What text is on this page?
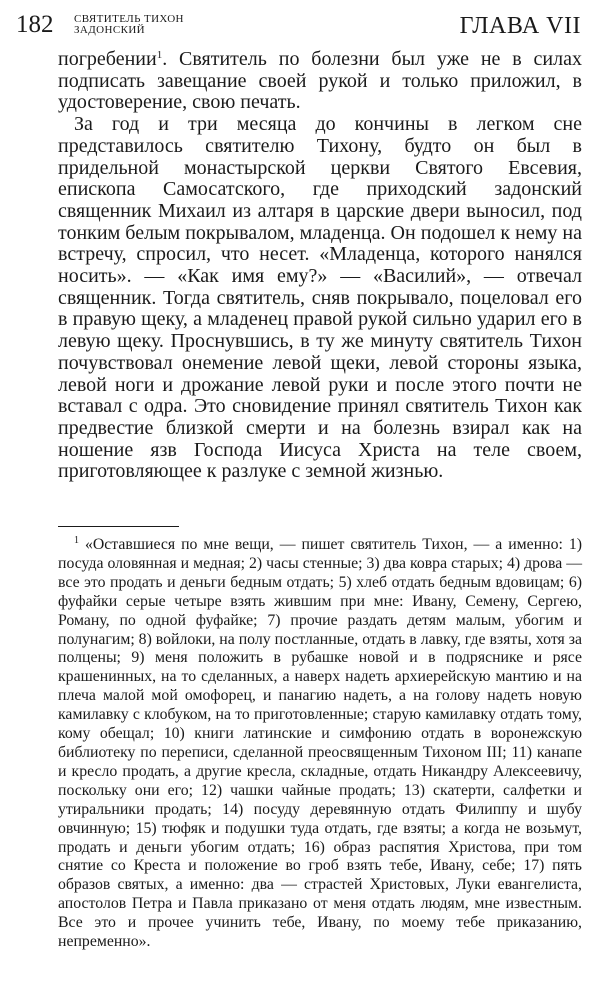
182 СВЯТИТЕЛЬ ТИХОН
ЗАДОНСКИЙ	ГЛАВА VII

погребении$^1$. Святитель по болезни был уже не в силах подписать завещание своей рукой и только приложил, в удостоверение, свою печать.

За год и три месяца до кончины в легком сне представилось святителю Тихону, будто он был в придельной монастырской церкви Святого Евсевия, епископа Самосатского, где приходский задонский священник Михаил из алтаря в царские двери выносил, под тонким белым покрывалом, младенца. Он подошел к нему на встречу, спросил, что несет. «Младенца, которого нанялся носить». — «Как имя ему?» — «Василий», — отвечал священник. Тогда святитель, сняв покрывало, поцеловал его в правую щеку, а младенец правой рукой сильно ударил его в левую щеку. Проснувшись, в ту же минуту святитель Тихон почувствовал онемение левой щеки, левой стороны языка, левой ноги и дрожание левой руки и после этого почти не вставал с одра. Это сновидение принял святитель Тихон как предвестие близкой смерти и на болезнь взирал как на ношение язв Господа Иисуса Христа на теле своем, приготовляющее к разлуке с земной жизнью.

$^1$ «Оставшиеся по мне вещи, — пишет святитель Тихон, — а именно: 1) посуда оловянная и медная; 2) часы стенные; 3) два ковра старых; 4) дрова — все это продать и деньги бедным отдать; 5) хлеб отдать бедным вдовицам; 6) фуфайки серые четыре взять жившим при мне: Ивану, Семену, Сергею, Роману, по одной фуфайке; 7) прочие раздать детям малым, убогим и полунагим; 8) войлоки, на полу постланные, отдать в лавку, где взяты, хотя за полцены; 9) меня положить в рубашке новой и в подряснике и рясе крашенинных, на то сделанных, а наверх надеть архиерейскую мантию и на плеча малой мой омофорец, и панагию надеть, а на голову надеть новую камилавку с клобуком, на то приготовленные; старую камилавку отдать тому, кому обещал; 10) книги латинские и симфонию отдать в воронежскую библиотеку по переписи, сделанной преосвященным Тихоном III; 11) канапе и кресло продать, а другие кресла, складные, отдать Никандру Алексеевичу, поскольку они его; 12) чашки чайные продать; 13) скатерти, салфетки и утиральники продать; 14) посуду деревянную отдать Филиппу и шубу овчинную; 15) тюфяк и подушки туда отдать, где взяты; а когда не возьмут, продать и деньги убогим отдать; 16) образ распятия Христова, при том снятие со Креста и положение во гроб взять тебе, Ивану, себе; 17) пять образов святых, а именно: два — страстей Христовых, Луки евангелиста, апостолов Петра и Павла приказано от меня отдать людям, мне известным. Все это и прочее учинить тебе, Ивану, по моему тебе приказанию, непременно».
